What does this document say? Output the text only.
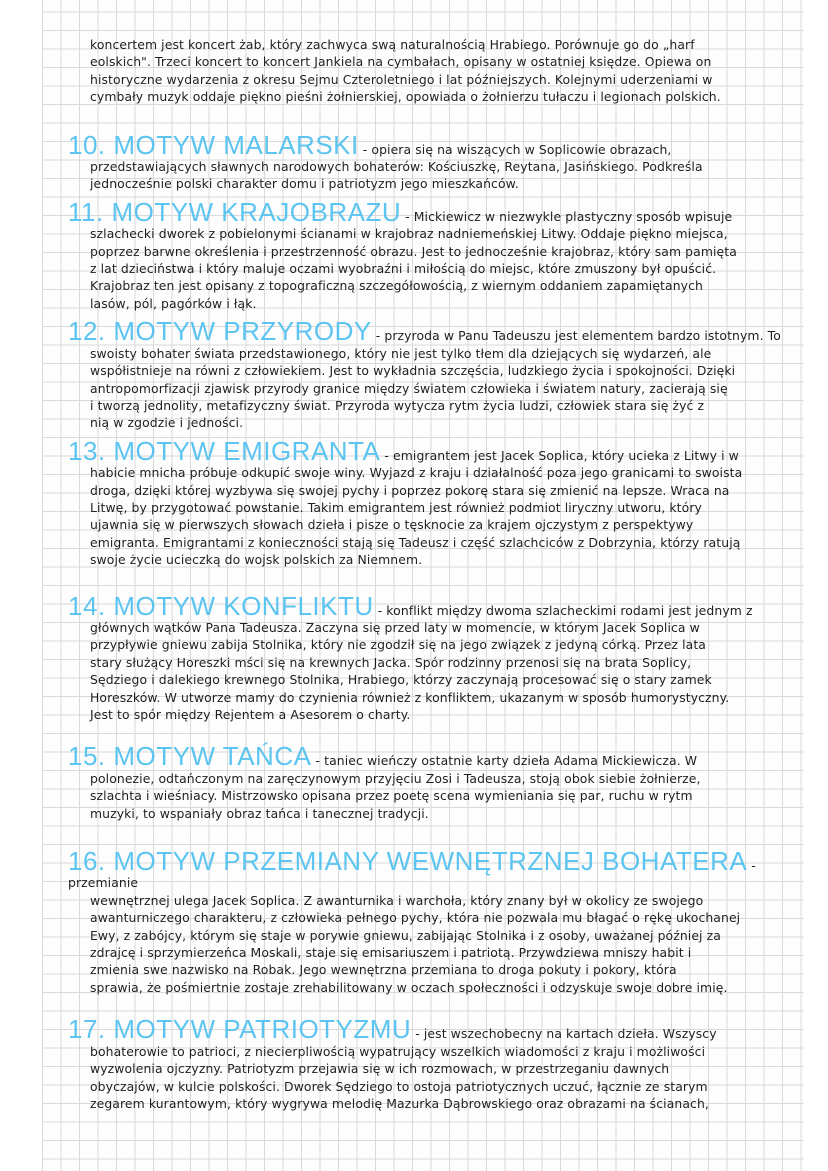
koncertem jest koncert żab, który zachwyca swą naturalnością Hrabiego. Porównuje go do „harf

eolskich". Trzeci koncert to koncert Jankiela na cymbałach, opisany w ostatniej księdze. Opiewa on

historyczne wydarzenia z okresu Sejmu Czteroletniego i lat późniejszych. Kolejnymi uderzeniami w

cymbały muzyk oddaje piękno pieśni żołnierskiej, opowiada o żołnierzu tułaczu i legionach polskich.

10. MOTYW MALARSKI - opiera się na wiszących w Soplicowie obrazach,

przedstawiających sławnych narodowych bohaterów: Kościuszkę, Reytana, Jasińskiego. Podkreśla

jednocześnie polski charakter domu i patriotyzm jego mieszkańców.

11. MOTYW KRAJOBRAZU - Mickiewicz w niezwykle plastyczny sposób wpisuje

szlachecki dworek z pobielonymi ścianami w krajobraz nadniemeńskiej Litwy. Oddaje piękno miejsca,

poprzez barwne określenia i przestrzenność obrazu. Jest to jednocześnie krajobraz, który sam pamięta

z lat dzieciństwa i który maluje oczami wyobraźni i miłością do miejsc, które zmuszony był opuścić.

Krajobraz ten jest opisany z topograficzną szczegółowością, z wiernym oddaniem zapamiętanych

lasów, pól, pagórków i łąk.

12. MOTYW PRZYRODY - przyroda w Panu Tadeuszu jest elementem bardzo istotnym. To

swoisty bohater świata przedstawionego, który nie jest tylko tłem dla dziejących się wydarzeń, ale

współistnieje na równi z człowiekiem. Jest to wykładnia szczęścia, ludzkiego życia i spokojności. Dzięki

antropomorfizacji zjawisk przyrody granice między światem człowieka i światem natury, zacierają się

i tworzą jednolity, metafizyczny świat. Przyroda wytycza rytm życia ludzi, człowiek stara się żyć z

nią w zgodzie i jedności.

13. MOTYW EMIGRANTA - emigrantem jest Jacek Soplica, który ucieka z Litwy i w

habicie mnicha próbuje odkupić swoje winy. Wyjazd z kraju i działalność poza jego granicami to swoista

droga, dzięki której wyzbywa się swojej pychy i poprzez pokorę stara się zmienić na lepsze. Wraca na

Litwę, by przygotować powstanie. Takim emigrantem jest również podmiot liryczny utworu, który

ujawnia się w pierwszych słowach dzieła i pisze o tęsknocie za krajem ojczystym z perspektywy

emigranta. Emigrantami z konieczności stają się Tadeusz i część szlachciców z Dobrzynia, którzy ratują

swoje życie ucieczką do wojsk polskich za Niemnem.

14. MOTYW KONFLIKTU - konflikt między dwoma szlacheckimi rodami jest jednym z

głównych wątków Pana Tadeusza. Zaczyna się przed laty w momencie, w którym Jacek Soplica w

przypływie gniewu zabija Stolnika, który nie zgodził się na jego związek z jedyną córką. Przez lata

stary służący Horeszki mści się na krewnych Jacka. Spór rodzinny przenosi się na brata Soplicy,

Sędziego i dalekiego krewnego Stolnika, Hrabiego, którzy zaczynają procesować się o stary zamek

Horeszków. W utworze mamy do czynienia również z konfliktem, ukazanym w sposób humorystyczny.

Jest to spór między Rejentem a Asesorem o charty.

15. MOTYW TAŃCA - taniec wieńczy ostatnie karty dzieła Adama Mickiewicza. W

polonezie, odtańczonym na zaręczynowym przyjęciu Zosi i Tadeusza, stoją obok siebie żołnierze,

szlachta i wieśniacy. Mistrzowsko opisana przez poetę scena wymieniania się par, ruchu w rytm

muzyki, to wspaniały obraz tańca i tanecznej tradycji.

16. MOTYW PRZEMIANY WEWNĘTRZNEJ BOHATERA - przemianie

wewnętrznej ulega Jacek Soplica. Z awanturnika i warchoła, który znany był w okolicy ze swojego

awanturniczego charakteru, z człowieka pełnego pychy, która nie pozwala mu błagać o rękę ukochanej

Ewy, z zabójcy, którym się staje w porywie gniewu, zabijając Stolnika i z osoby, uważanej później za

zdrajcę i sprzymierzeńca Moskali, staje się emisariuszem i patriotą. Przywdziewa mniszy habit i

zmienia swe nazwisko na Robak. Jego wewnętrzna przemiana to droga pokuty i pokory, która

sprawia, że pośmiertnie zostaje zrehabilitowany w oczach społeczności i odzyskuje swoje dobre imię.

17. MOTYW PATRIOTYZMU - jest wszechobecny na kartach dzieła. Wszyscy

bohaterowie to patrioci, z niecierpliwością wypatrujący wszelkich wiadomości z kraju i możliwości

wyzwolenia ojczyzny. Patriotyzm przejawia się w ich rozmowach, w przestrzeganiu dawnych

obyczajów, w kulcie polskości. Dworek Sędziego to ostoja patriotycznych uczuć, łącznie ze starym

zegarem kurantowym, który wygrywa melodię Mazurka Dąbrowskiego oraz obrazami na ścianach,
